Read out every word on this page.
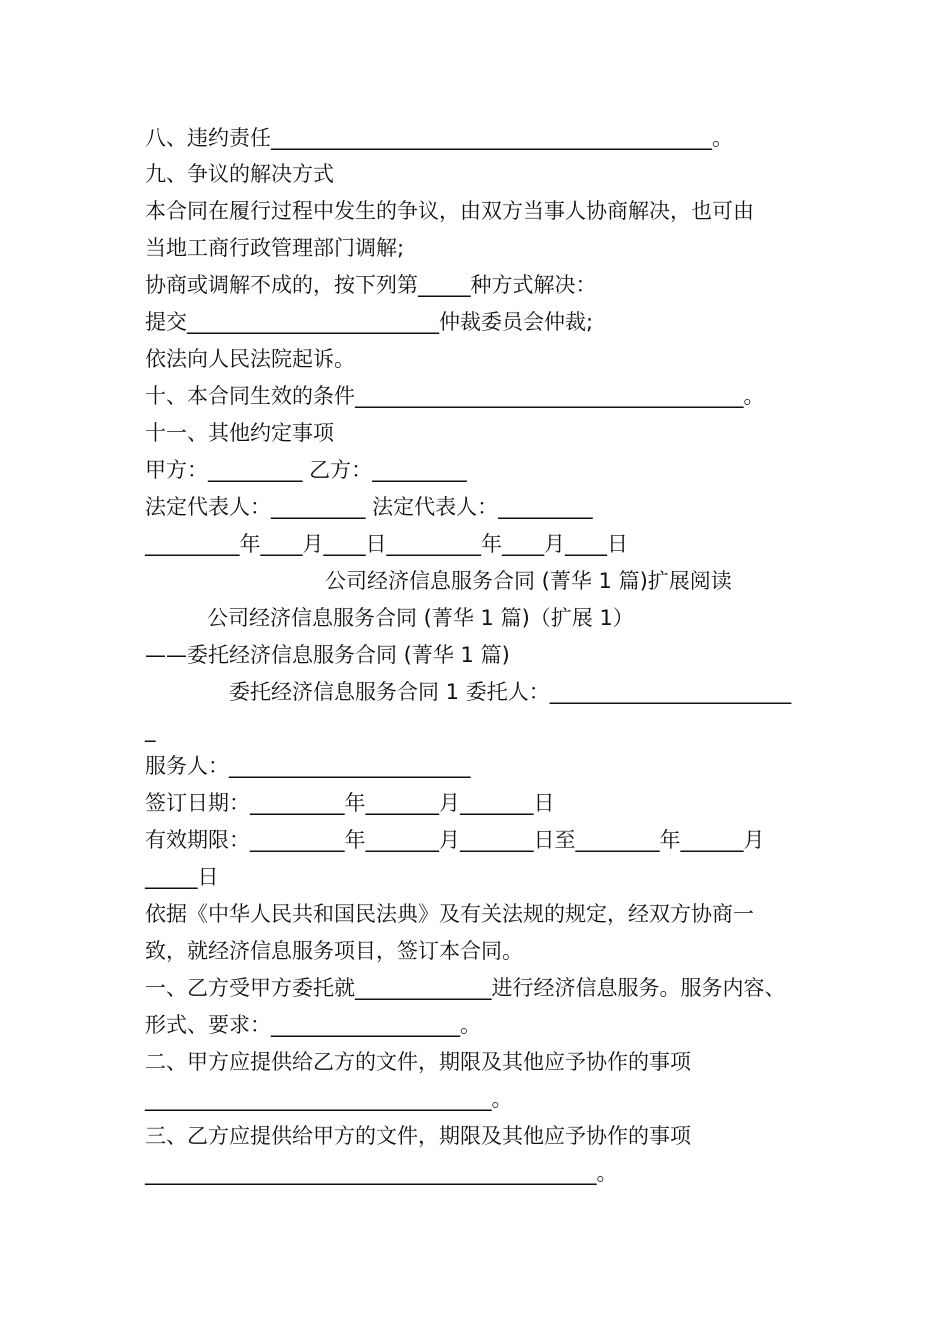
八、违约责任__________________________________________。
九、争议的解决方式
本合同在履行过程中发生的争议，由双方当事人协商解决，也可由
当地工商行政管理部门调解;
协商或调解不成的，按下列第_____种方式解决：
提交________________________仲裁委员会仲裁;
依法向人民法院起诉。
十、本合同生效的条件_____________________________________。
十一、其他约定事项
甲方：_________ 乙方：_________
法定代表人：_________ 法定代表人：_________
_________年____月____日_________年____月____日
公司经济信息服务合同 (菁华 1 篇)扩展阅读
公司经济信息服务合同 (菁华 1 篇)（扩展 1）
——委托经济信息服务合同 (菁华 1 篇)
委托经济信息服务合同 1 委托人：_______________________
_
服务人：_______________________
签订日期：_________年_______月_______日
有效期限：_________年_______月_______日至________年______月
_____日
依据《中华人民共和国民法典》及有关法规的规定，经双方协商一
致，就经济信息服务项目，签订本合同。
一、乙方受甲方委托就_____________进行经济信息服务。服务内容、
形式、要求：__________________。
二、甲方应提供给乙方的文件，期限及其他应予协作的事项
_________________________________。
三、乙方应提供给甲方的文件，期限及其他应予协作的事项
___________________________________________。
